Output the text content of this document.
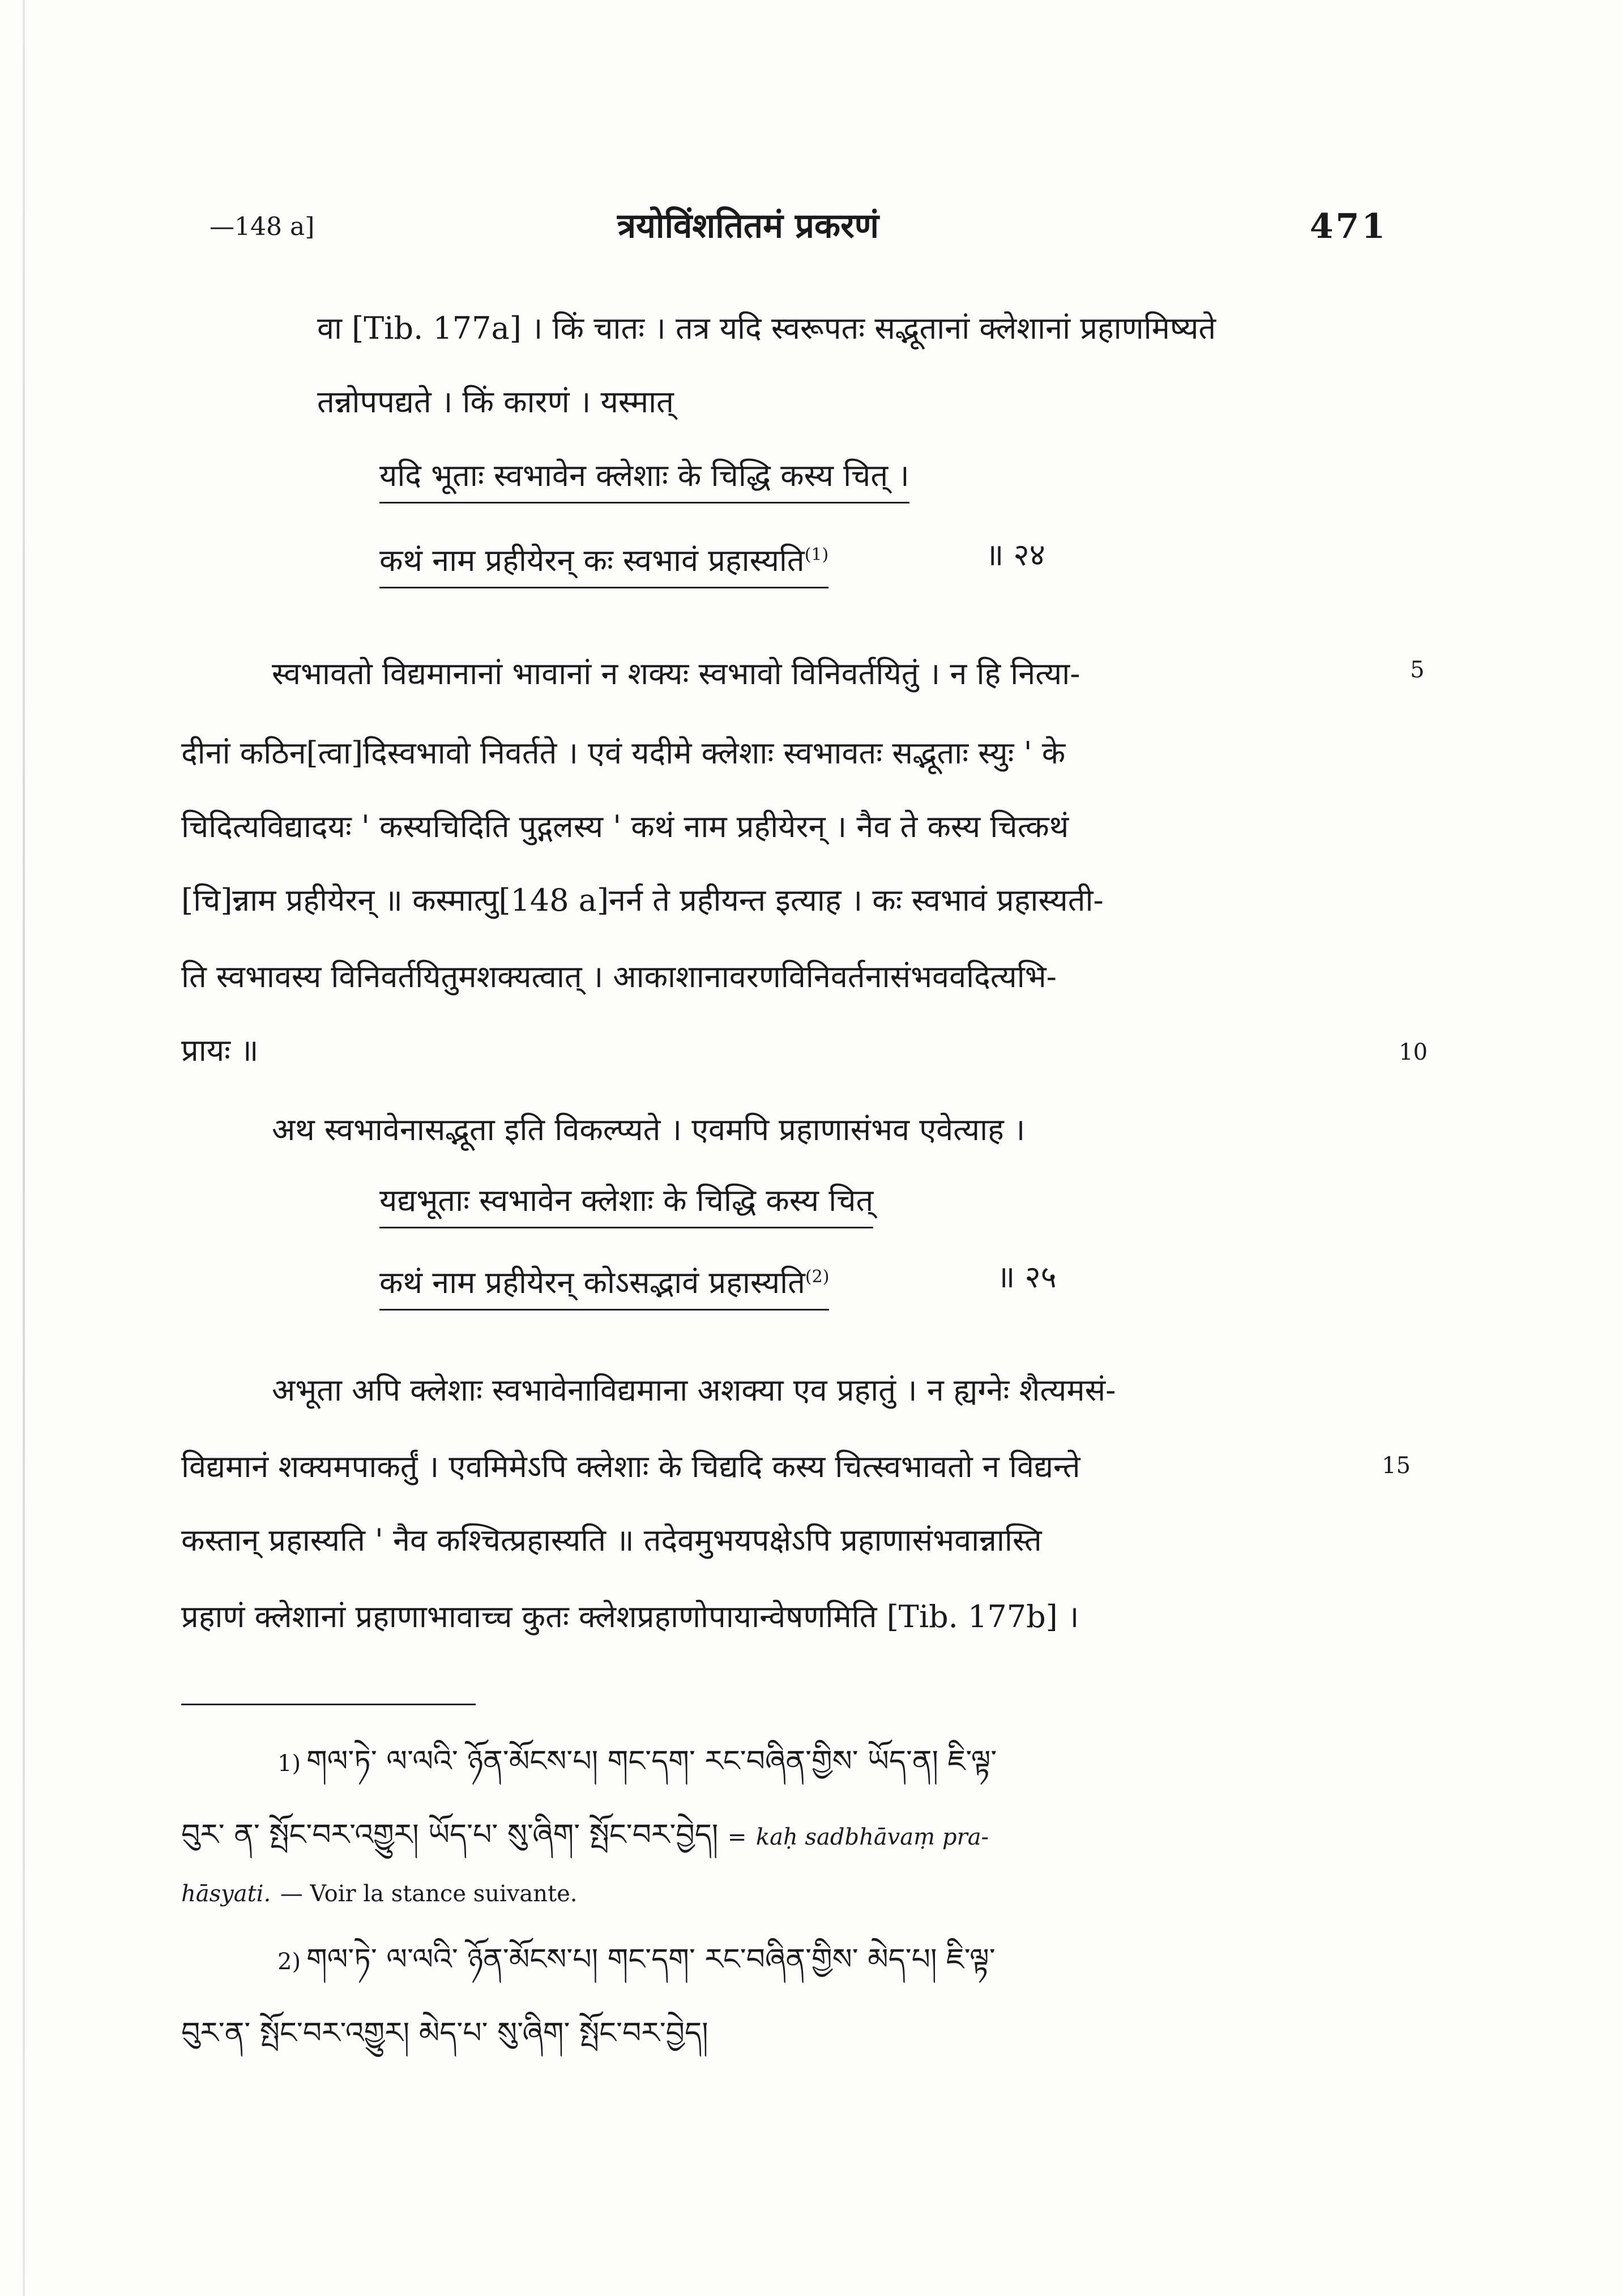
—148 a]	त्रयोविंशतितमं प्रकरणं	471
वा [Tib. 177a] । किं चातः । तत्र यदि स्वरूपतः सद्भूतानां क्लेशानां प्रहाणमिष्यते
तन्नोपपद्यते । किं कारणं । यस्मात्
यदि भूताः स्वभावेन क्लेशाः के चिद्धि कस्य चित् ।
कथं नाम प्रहीयेरन् कः स्वभावं प्रहास्यति$^{(1)}$	॥ २४
स्वभावतो विद्यमानानां भावानां न शक्यः स्वभावो विनिवर्तयितुं । न हि नित्या-	5
दीनां कठिन[त्वा]दिस्वभावो निवर्तते । एवं यदीमे क्लेशाः स्वभावतः सद्भूताः स्युः ' के
चिदित्यविद्यादयः ' कस्यचिदिति पुद्गलस्य ' कथं नाम प्रहीयेरन् । नैव ते कस्य चित्कथं
[चि]न्नाम प्रहीयेरन् ॥ कस्मात्पु[148 a]नर्न ते प्रहीयन्त इत्याह । कः स्वभावं प्रहास्यती-
ति स्वभावस्य विनिवर्तयितुमशक्यत्वात् । आकाशानावरणविनिवर्तनासंभववदित्यभि-
प्रायः ॥	10
अथ स्वभावेनासद्भूता इति विकल्प्यते । एवमपि प्रहाणासंभव एवेत्याह ।
यद्यभूताः स्वभावेन क्लेशाः के चिद्धि कस्य चित्
कथं नाम प्रहीयेरन् कोऽसद्भावं प्रहास्यति$^{(2)}$	॥ २५
अभूता अपि क्लेशाः स्वभावेनाविद्यमाना अशक्या एव प्रहातुं । न ह्यग्नेः शैत्यमसं-
विद्यमानं शक्यमपाकर्तुं । एवमिमेऽपि क्लेशाः के चिद्यदि कस्य चित्स्वभावतो न विद्यन्ते	15
कस्तान् प्रहास्यति ' नैव कश्चित्प्रहास्यति ॥ तदेवमुभयपक्षेऽपि प्रहाणासंभवान्नास्ति
प्रहाणं क्लेशानां प्रहाणाभावाच्च कुतः क्लेशप्रहाणोपायान्वेषणमिति [Tib. 177b] ।
1) གལ་ཏེ་ ལ་ལའི་ ཉོན་མོངས་པ། གང་དག་ རང་བཞིན་གྱིས་ ཡོད་ན། ཇི་ལྟ་
བུར་ ན་ སྤོང་བར་འགྱུར། ཡོད་པ་ སུ་ཞིག་ སྤོང་བར་བྱེད། = kaḥ sadbhāvaṃ pra-
hāsyati. — Voir la stance suivante.
2) གལ་ཏེ་ ལ་ལའི་ ཉོན་མོངས་པ། གང་དག་ རང་བཞིན་གྱིས་ མེད་པ། ཇི་ལྟ་
བུར་ན་ སྤོང་བར་འགྱུར། མེད་པ་ སུ་ཞིག་ སྤོང་བར་བྱེད།
